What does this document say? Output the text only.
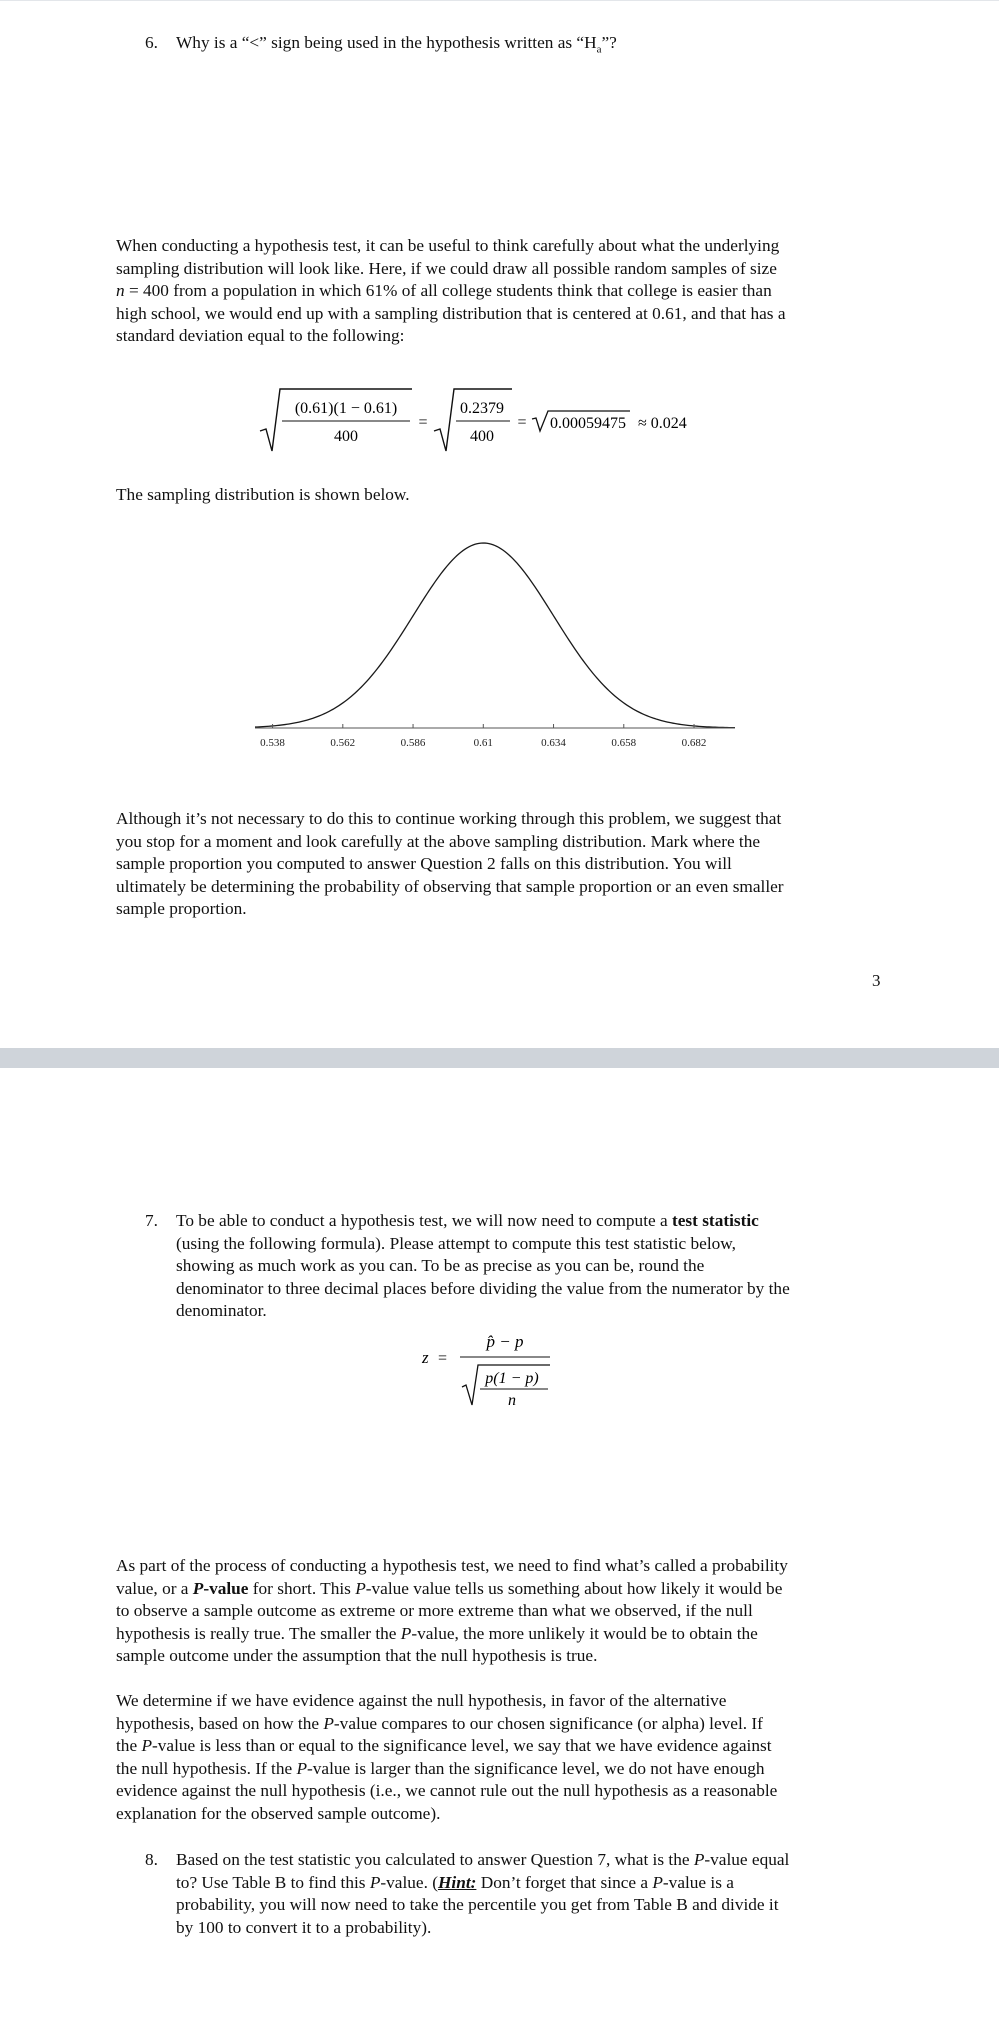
6. Why is a “<” sign being used in the hypothesis written as “$H_a$”?

When conducting a hypothesis test, it can be useful to think carefully about what the underlying
sampling distribution will look like. Here, if we could draw all possible random samples of size
n = 400 from a population in which 61% of all college students think that college is easier than
high school, we would end up with a sampling distribution that is centered at 0.61, and that has a
standard deviation equal to the following:

(0.61)(1 − 0.61)
400
=
0.2379
400
= 0.00059475 ≈ 0.024

The sampling distribution is shown below.

0.538	0.562	0.586	0.61	0.634	0.658	0.682

Although it’s not necessary to do this to continue working through this problem, we suggest that
you stop for a moment and look carefully at the above sampling distribution. Mark where the
sample proportion you computed to answer Question 2 falls on this distribution. You will
ultimately be determining the probability of observing that sample proportion or an even smaller
sample proportion.

3
7. To be able to conduct a hypothesis test, we will now need to compute a test statistic
(using the following formula). Please attempt to compute this test statistic below,
showing as much work as you can. To be as precise as you can be, round the
denominator to three decimal places before dividing the value from the numerator by the
denominator.

z =
p̂ − p
p(1 − p)
n

As part of the process of conducting a hypothesis test, we need to find what’s called a probability
value, or a P-value for short. This P-value value tells us something about how likely it would be
to observe a sample outcome as extreme or more extreme than what we observed, if the null
hypothesis is really true. The smaller the P-value, the more unlikely it would be to obtain the
sample outcome under the assumption that the null hypothesis is true.

We determine if we have evidence against the null hypothesis, in favor of the alternative
hypothesis, based on how the P-value compares to our chosen significance (or alpha) level. If
the P-value is less than or equal to the significance level, we say that we have evidence against
the null hypothesis. If the P-value is larger than the significance level, we do not have enough
evidence against the null hypothesis (i.e., we cannot rule out the null hypothesis as a reasonable
explanation for the observed sample outcome).

8. Based on the test statistic you calculated to answer Question 7, what is the P-value equal
to? Use Table B to find this P-value. (Hint: Don’t forget that since a P-value is a
probability, you will now need to take the percentile you get from Table B and divide it
by 100 to convert it to a probability).
